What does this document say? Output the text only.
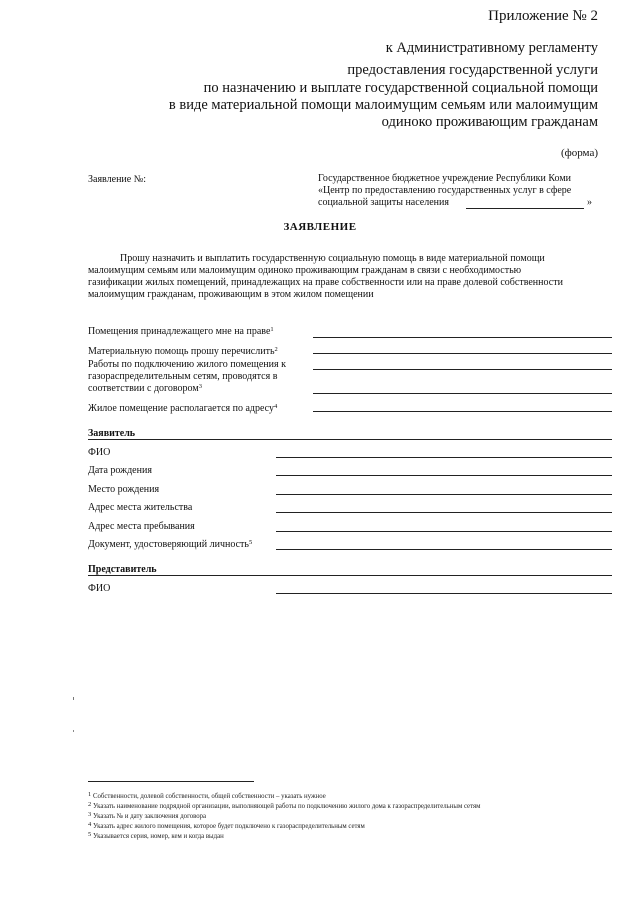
Приложение № 2
к Административному регламенту
предоставления государственной услуги
по назначению и выплате государственной социальной помощи
в виде материальной помощи малоимущим семьям или малоимущим
одиноко проживающим гражданам
(форма)
Заявление №:	Государственное бюджетное учреждение Республики Коми
«Центр по предоставлению государственных услуг в сфере
социальной защиты населения	»
ЗАЯВЛЕНИЕ
Прошу назначить и выплатить государственную социальную помощь в виде материальной помощи
малоимущим семьям или малоимущим одиноко проживающим гражданам в связи с необходимостью
газификации жилых помещений, принадлежащих на праве собственности или на праве долевой собственности
малоимущим гражданам, проживающим в этом жилом помещении
Помещения принадлежащего мне на праве$^1$
Материальную помощь прошу перечислить$^2$
Работы по подключению жилого помещения к
газораспределительным сетям, проводятся в
соответствии с договором$^3$
Жилое помещение располагается по адресу$^4$
Заявитель
ФИО
Дата рождения
Место рождения
Адрес места жительства
Адрес места пребывания
Документ, удостоверяющий личность$^5$
Представитель
ФИО
$^1$ Собственности, долевой собственности, общей собственности – указать нужное
$^2$ Указать наименование подрядной организации, выполняющей работы по подключению жилого дома к газораспределительным сетям
$^3$ Указать № и дату заключения договора
$^4$ Указать адрес жилого помещения, которое будет подключено к газораспределительным сетям
$^5$ Указывается серия, номер, кем и когда выдан
